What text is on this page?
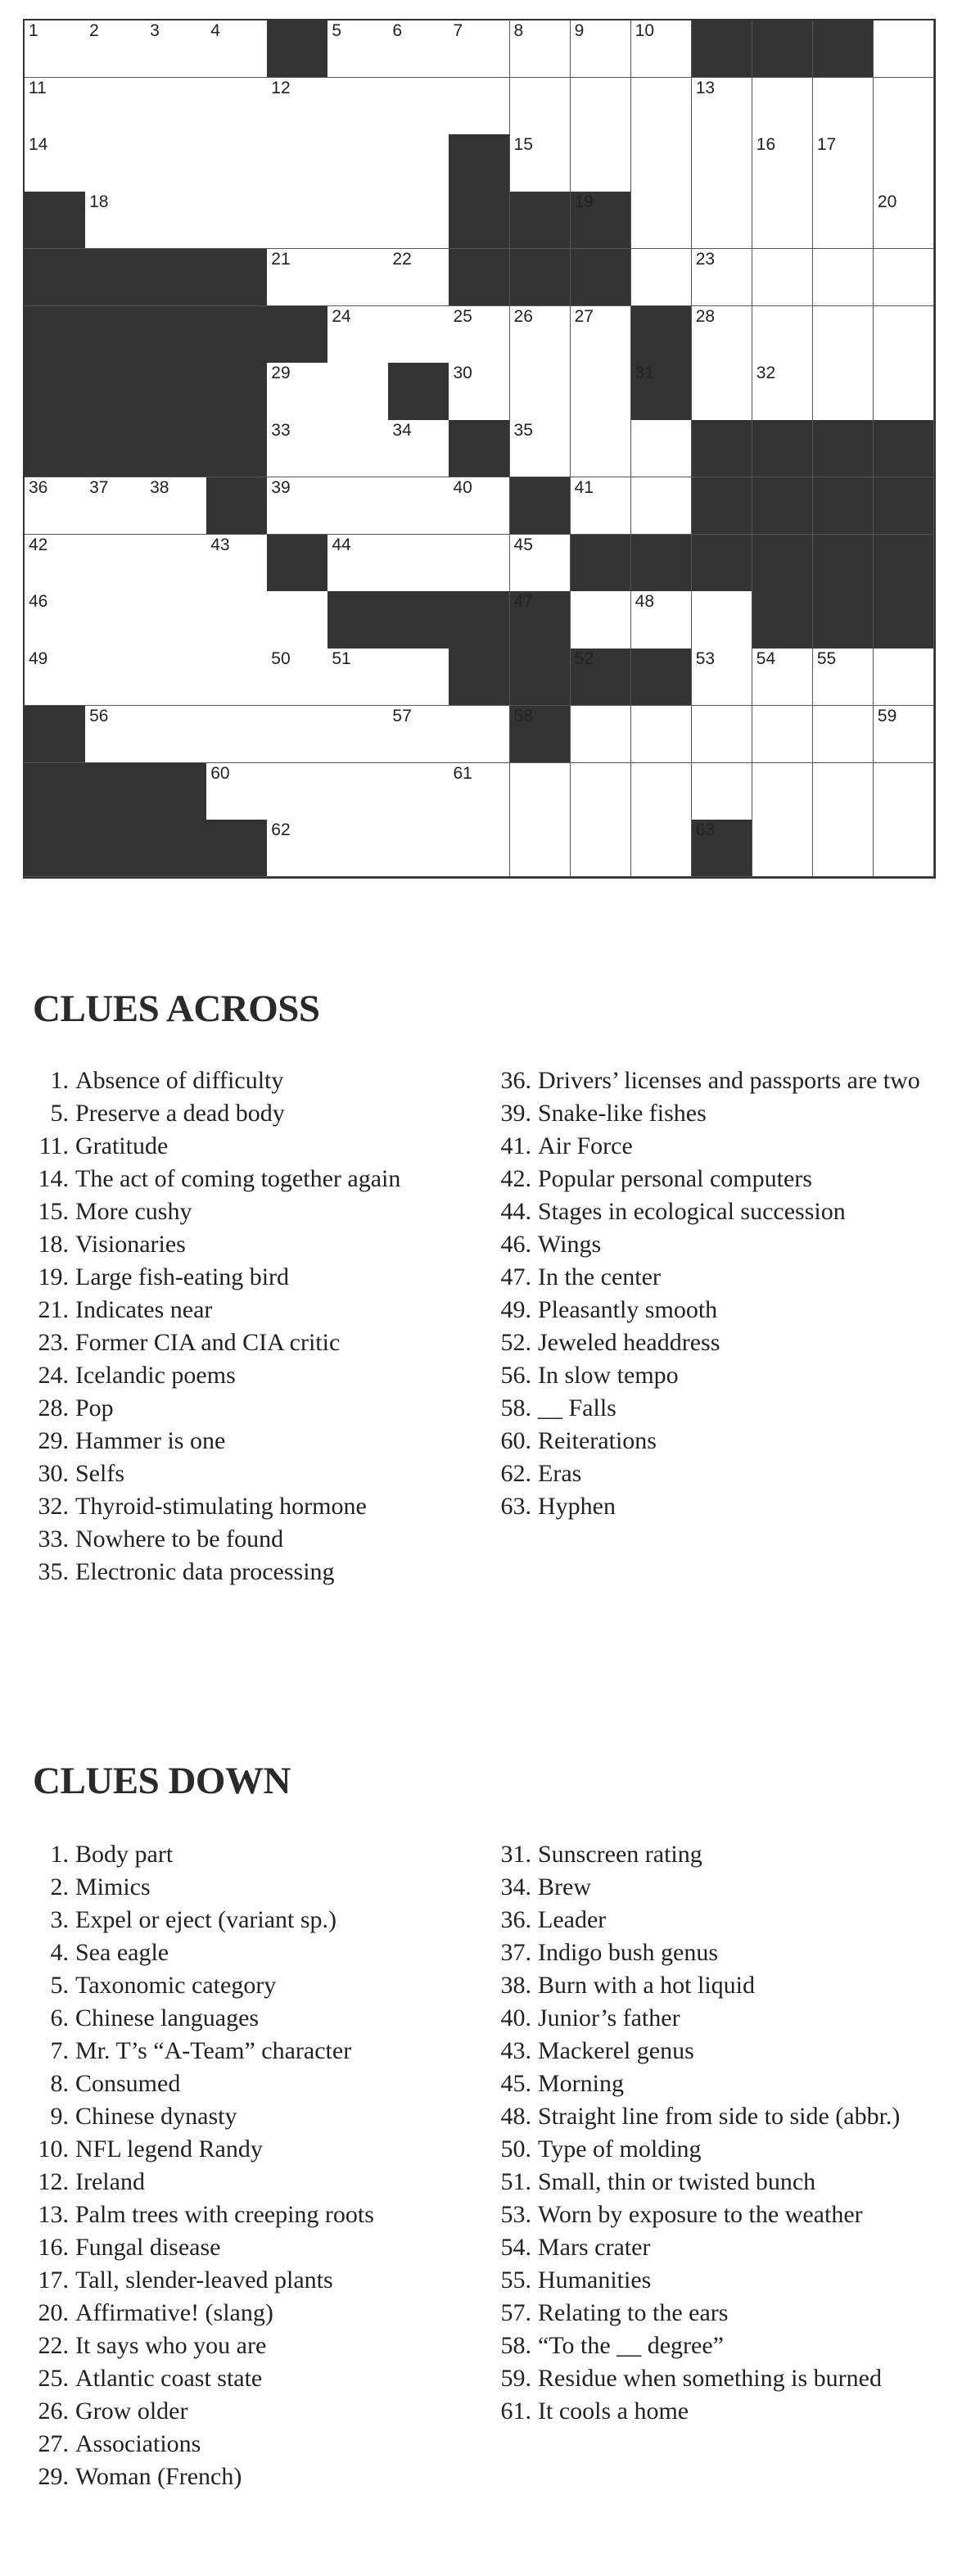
1	2	3	4	5	6	7	8	9	10
11	12	13
14	15	16 17
18	19	20
21	22	23
24	25 26 27	28
29	30	31	32
33	34	35
36 37 38	39	40	41
42	43	44	45
46	47	48
49	50 51	52	53 54 55
56	57	58	59
60	61
62	63
CLUES ACROSS
1. Absence of difficulty
5. Preserve a dead body
11. Gratitude
14. The act of coming together again
15. More cushy
18. Visionaries
19. Large fish-eating bird
21. Indicates near
23. Former CIA and CIA critic
24. Icelandic poems
28. Pop
29. Hammer is one
30. Selfs
32. Thyroid-stimulating hormone
33. Nowhere to be found
35. Electronic data processing
36. Drivers’ licenses and passports are two
39. Snake-like fishes
41. Air Force
42. Popular personal computers
44. Stages in ecological succession
46. Wings
47. In the center
49. Pleasantly smooth
52. Jeweled headdress
56. In slow tempo
58. __ Falls
60. Reiterations
62. Eras
63. Hyphen
CLUES DOWN
1. Body part
2. Mimics
3. Expel or eject (variant sp.)
4. Sea eagle
5. Taxonomic category
6. Chinese languages
7. Mr. T’s “A-Team” character
8. Consumed
9. Chinese dynasty
10. NFL legend Randy
12. Ireland
13. Palm trees with creeping roots
16. Fungal disease
17. Tall, slender-leaved plants
20. Affirmative! (slang)
22. It says who you are
25. Atlantic coast state
26. Grow older
27. Associations
29. Woman (French)
31. Sunscreen rating
34. Brew
36. Leader
37. Indigo bush genus
38. Burn with a hot liquid
40. Junior’s father
43. Mackerel genus
45. Morning
48. Straight line from side to side (abbr.)
50. Type of molding
51. Small, thin or twisted bunch
53. Worn by exposure to the weather
54. Mars crater
55. Humanities
57. Relating to the ears
58. “To the __ degree”
59. Residue when something is burned
61. It cools a home
